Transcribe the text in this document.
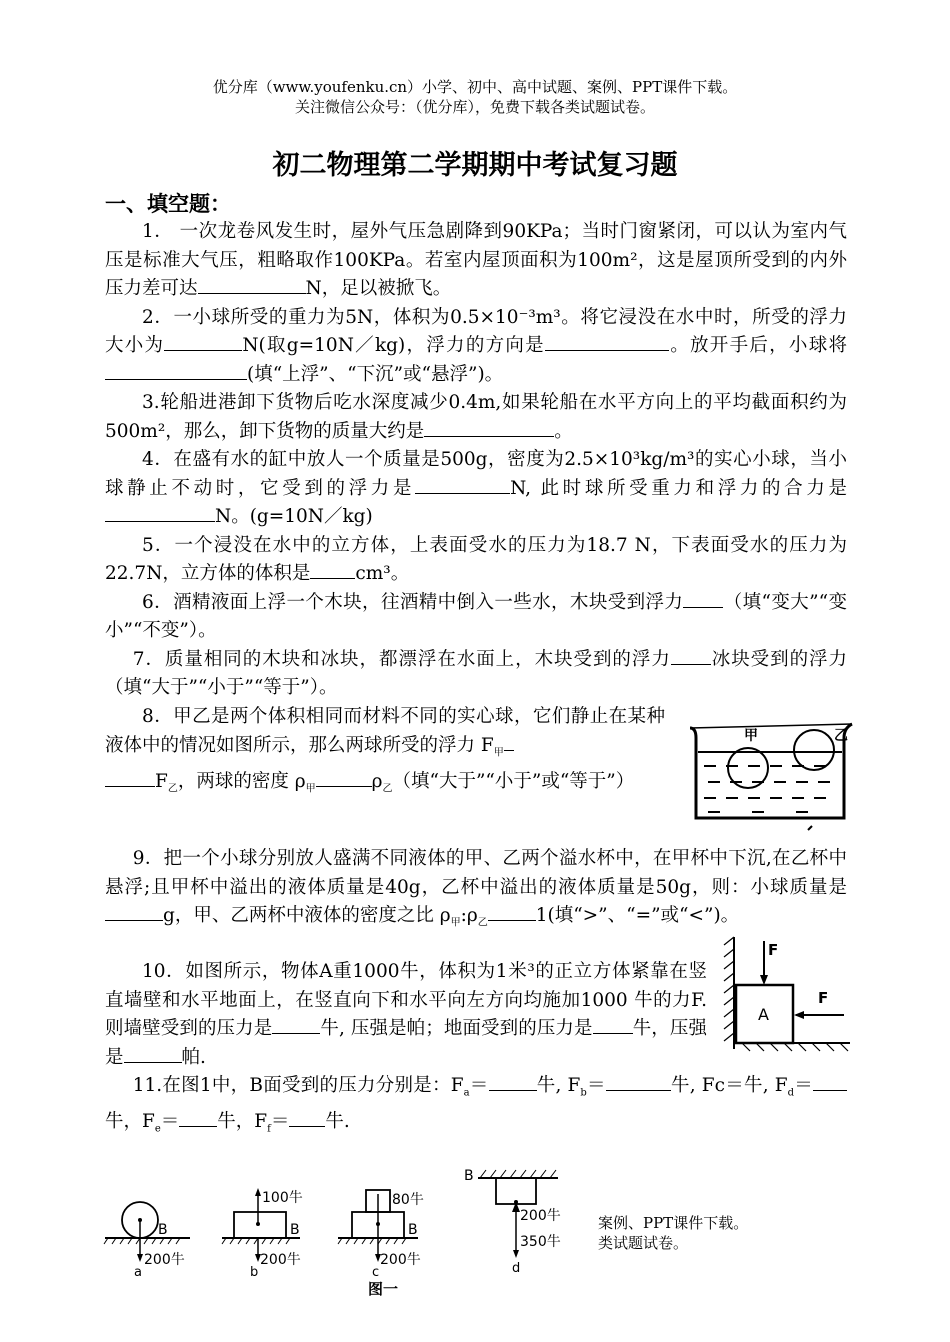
优分库（www.youfenku.cn）小学、初中、高中试题、案例、PPT课件下载。
关注微信公众号：（优分库），免费下载各类试题试卷。
初二物理第二学期期中考试复习题
一、填空题：

1． 一次龙卷风发生时，屋外气压急剧降到90KPa；当时门窗紧闭，可以认为室内气压是标准大气压，粗略取作100KPa。若室内屋顶面积为100m²，这是屋顶所受到的内外压力差可达	N，足以被掀飞。

2．一小球所受的重力为5N，体积为0.5×10⁻³m³。将它浸没在水中时，所受的浮力大小为	N(取g=10N／kg)，浮力的方向是	。放开手后，小球将(填“上浮”、“下沉”或“悬浮”)。

3.轮船进港卸下货物后吃水深度减少0.4m,如果轮船在水平方向上的平均截面积约为500m²，那么，卸下货物的质量大约是	。

4．在盛有水的缸中放人一个质量是500g，密度为2.5×10³kg/m³的实心小球，当小球静止不动时，它受到的浮力是	N, 此时球所受重力和浮力的合力是N。(g=10N／kg)

5．一个浸没在水中的立方体，上表面受水的压力为18.7 N，下表面受水的压力为22.7N，立方体的体积是 cm³。

6．酒精液面上浮一个木块，往酒精中倒入一些水，木块受到浮力 （填“变大”“变小”“不变”）。

7．质量相同的木块和冰块，都漂浮在水面上，木块受到的浮力 冰块受到的浮力（填“大于”“小于”“等于”）。

8．甲乙是两个体积相同而材料不同的实心球，它们静止在某种液体中的情况如图所示，那么两球所受的浮力 $F_甲$
$F_乙$，两球的密度 $\rho_甲$	$\rho_乙$（填“大于”“小于”或“等于”）

甲	乙

9．把一个小球分别放人盛满不同液体的甲、乙两个溢水杯中，在甲杯中下沉,在乙杯中悬浮;且甲杯中溢出的液体质量是40g，乙杯中溢出的液体质量是50g，则：小球质量是g，甲、乙两杯中液体的密度之比 $\rho_甲:\rho_乙$	1(填“>”、“=”或“<”)。

10．如图所示，物体A重1000牛，体积为1米³的正立方体紧靠在竖直墙壁和水平地面上，在竖直向下和水平向左方向均施加1000 牛的力F. 则墙壁受到的压力是	牛, 压强是帕；地面受到的压力是 牛，压强是	帕.

A
F
F

11.在图1中，B面受到的压力分别是：$F_a=$	牛, $F_b=$	牛, Fc＝牛, $F_d=$牛，$F_e=$ 牛，$F_f=$ 牛.

B
200牛
a
100牛
B
200牛
b
80牛
B
200牛
c
B
200牛
350牛
d
图一
案例、PPT课件下载。
类试题试卷。
